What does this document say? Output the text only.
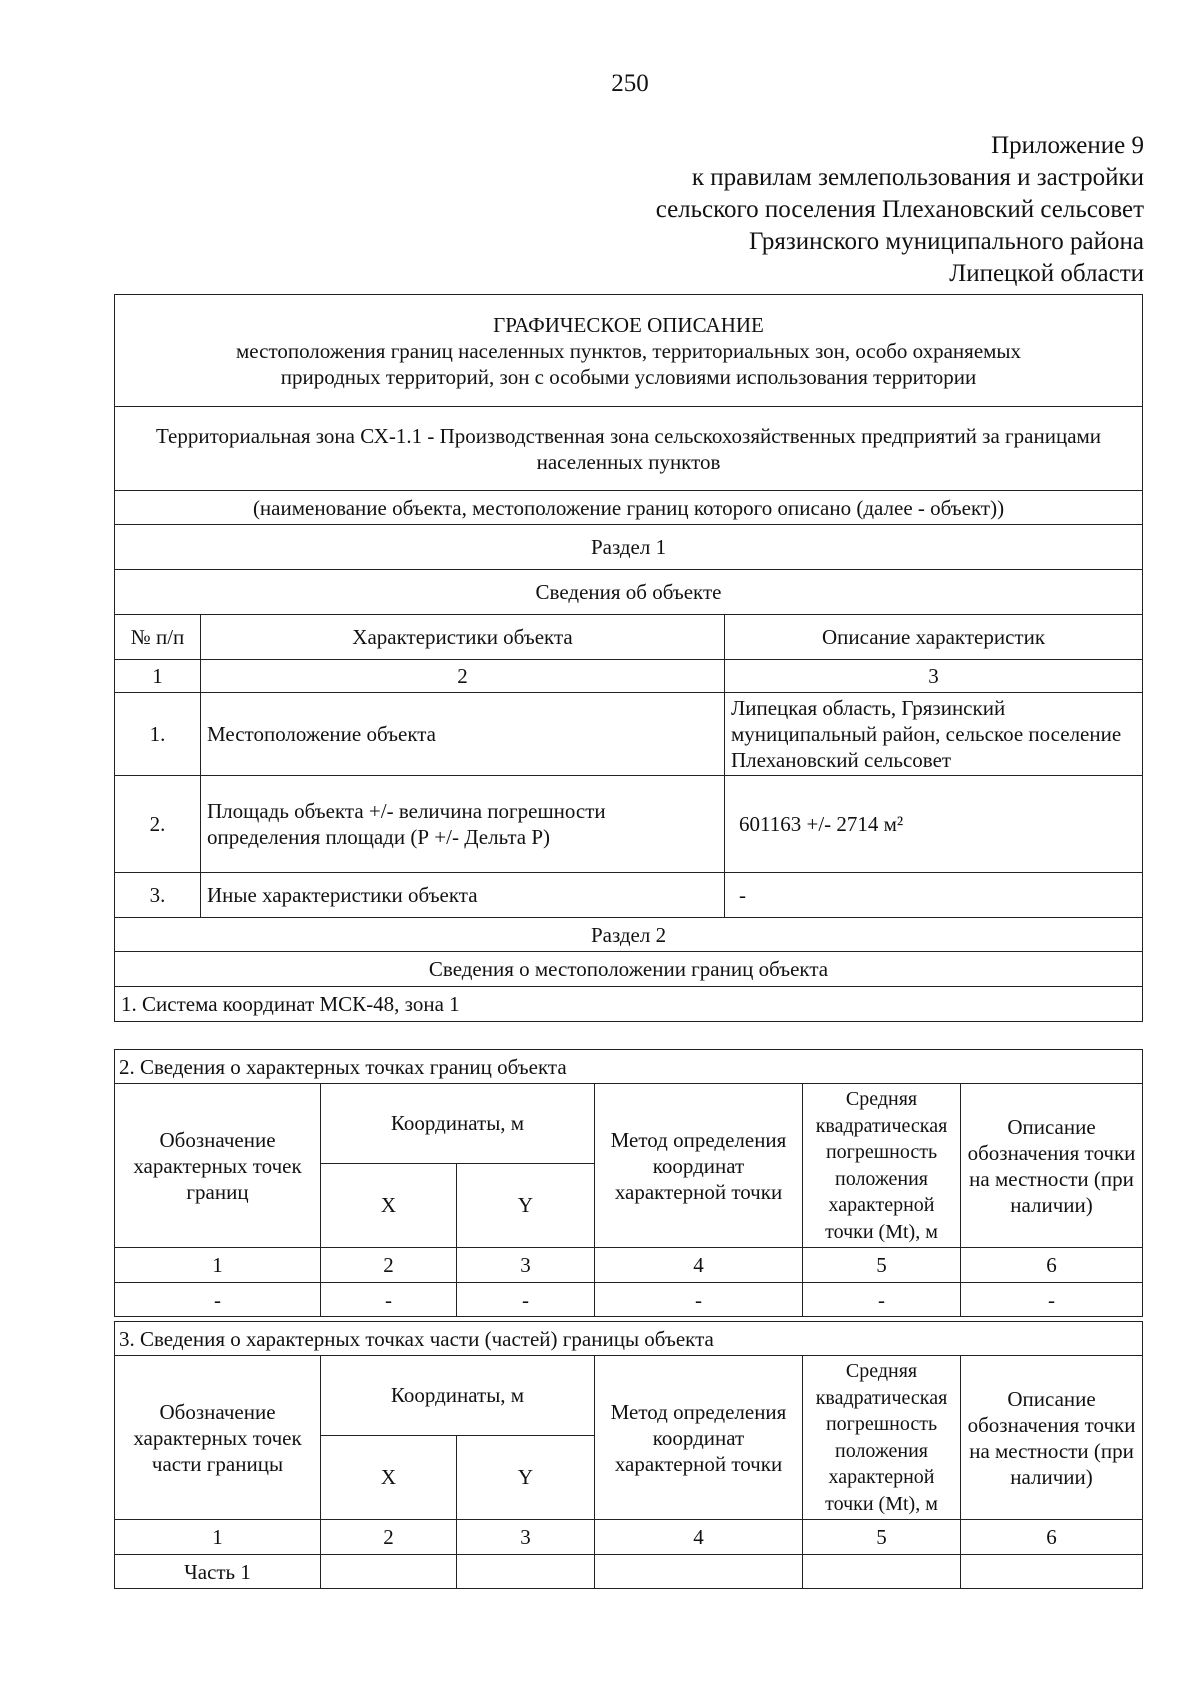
250
Приложение 9
к правилам землепользования и застройки
сельского поселения Плехановский сельсовет
Грязинского муниципального района
Липецкой области
ГРАФИЧЕСКОЕ ОПИСАНИЕ
местоположения границ населенных пунктов, территориальных зон, особо охраняемых природных территорий, зон с особыми условиями использования территории		

Территориальная зона СХ-1.1 - Производственная зона сельскохозяйственных предприятий за границами населенных пунктов		
(наименование объекта, местоположение границ которого описано (далее - объект))		
Раздел 1		
Сведения об объекте		
№ п/п	Характеристики объекта	Описание характеристик
1	2	3
1.	Местоположение объекта	Липецкая область, Грязинский муниципальный район, сельское поселение Плехановский сельсовет
2.	Площадь объекта +/- величина погрешности определения площади (Р +/- Дельта Р)	601163 +/- 2714 м²
3.	Иные характеристики объекта	-
Раздел 2		
Сведения о местоположении границ объекта		
1. Система координат МСК-48, зона 1		
2. Сведения о характерных точках границ объекта					
Обозначение характерных точек границ	Координаты, м		Метод определения координат характерной точки	Средняя квадратическая погрешность положения характерной точки (Mt), м	Описание обозначения точки на местности (при наличии)
	X	Y			
1	2	3	4	5	6
-	-	-	-	-	-
3. Сведения о характерных точках части (частей) границы объекта					
Обозначение характерных точек части границы	Координаты, м		Метод определения координат характерной точки	Средняя квадратическая погрешность положения характерной точки (Mt), м	Описание обозначения точки на местности (при наличии)
	X	Y			
1	2	3	4	5	6
Часть 1					
